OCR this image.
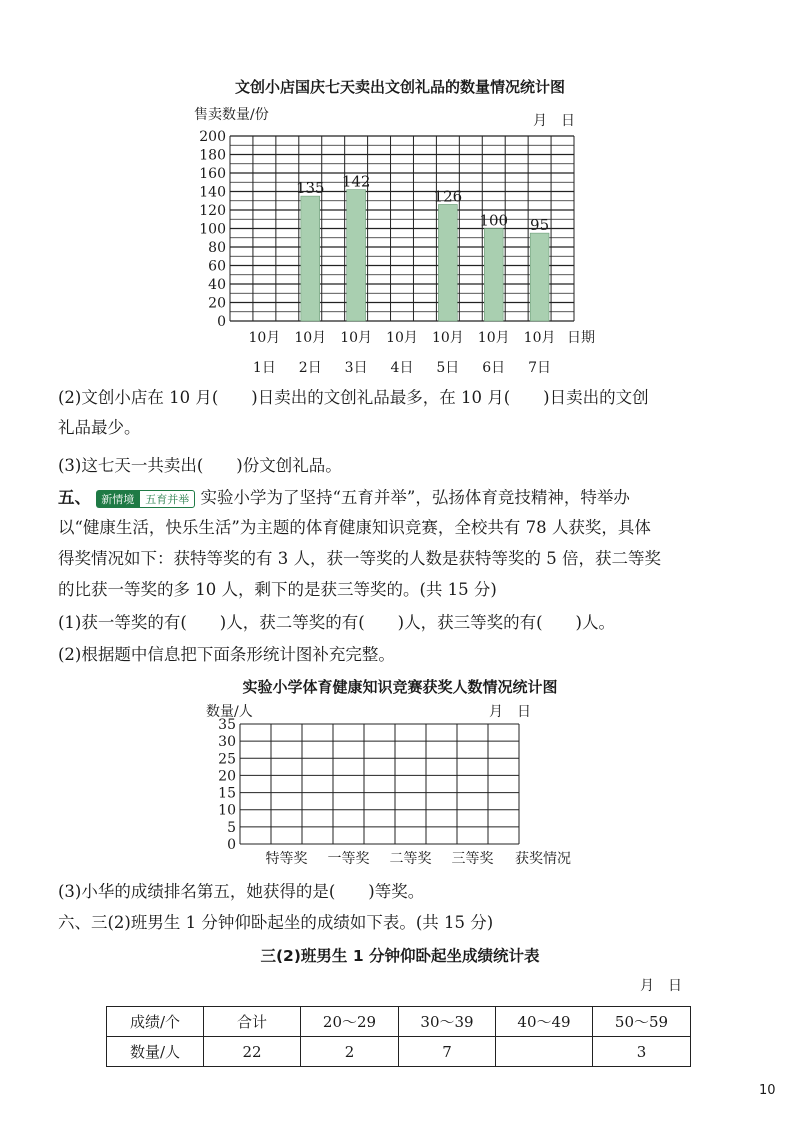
文创小店国庆七天卖出文创礼品的数量情况统计图
售卖数量/份	月　日
0
20
40
60
80
100
120
140
160
180
200
135 142
126
100 95
日期
10月 10月 10月 10月 10月 10月 10月
1日	2日	3日	4日	5日	6日	7日
(2)文创小店在 10 月(　　)日卖出的文创礼品最多，在 10 月(　　)日卖出的文创
礼品最少。
(3)这七天一共卖出(　　)份文创礼品。
五、 新情境 五育并举 实验小学为了坚持“五育并举”，弘扬体育竞技精神，特举办
以“健康生活，快乐生活”为主题的体育健康知识竞赛，全校共有 78 人获奖，具体
得奖情况如下：获特等奖的有 3 人，获一等奖的人数是获特等奖的 5 倍，获二等奖
的比获一等奖的多 10 人，剩下的是获三等奖的。(共 15 分)
(1)获一等奖的有(　　)人，获二等奖的有(　　)人，获三等奖的有(　　)人。
(2)根据题中信息把下面条形统计图补充完整。
实验小学体育健康知识竞赛获奖人数情况统计图
数量/人	月　日
0
5
10
15
20
25
30
35
特等奖	一等奖	二等奖	三等奖	获奖情况
(3)小华的成绩排名第五，她获得的是(　　)等奖。
六、三(2)班男生 1 分钟仰卧起坐的成绩如下表。(共 15 分)
三(2)班男生 1 分钟仰卧起坐成绩统计表
月　日
成绩/个	合计	20～29	30～39	40～49	50～59
数量/人	22	2	7		3
10
